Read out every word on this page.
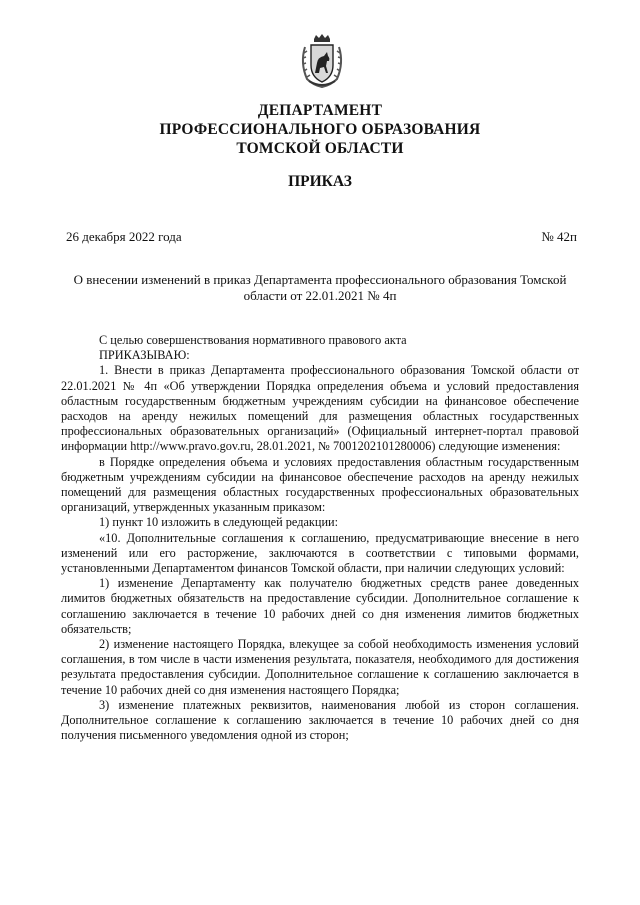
ДЕПАРТАМЕНТ
ПРОФЕССИОНАЛЬНОГО ОБРАЗОВАНИЯ
ТОМСКОЙ ОБЛАСТИ
ПРИКАЗ
26 декабря 2022 года	№ 42п
О внесении изменений в приказ Департамента профессионального образования Томской области от 22.01.2021 № 4п

С целью совершенствования нормативного правового акта

ПРИКАЗЫВАЮ:

1. Внести в приказ Департамента профессионального образования Томской области от 22.01.2021 № 4п «Об утверждении Порядка определения объема и условий предоставления областным государственным бюджетным учреждениям субсидии на финансовое обеспечение расходов на аренду нежилых помещений для размещения областных государственных профессиональных образовательных организаций» (Официальный интернет-портал правовой информации http://www.pravo.gov.ru, 28.01.2021, № 7001202101280006) следующие изменения:

в Порядке определения объема и условиях предоставления областным государственным бюджетным учреждениям субсидии на финансовое обеспечение расходов на аренду нежилых помещений для размещения областных государственных профессиональных образовательных организаций, утвержденных указанным приказом:

1) пункт 10 изложить в следующей редакции:

«10. Дополнительные соглашения к соглашению, предусматривающие внесение в него изменений или его расторжение, заключаются в соответствии с типовыми формами, установленными Департаментом финансов Томской области, при наличии следующих условий:

1) изменение Департаменту как получателю бюджетных средств ранее доведенных лимитов бюджетных обязательств на предоставление субсидии. Дополнительное соглашение к соглашению заключается в течение 10 рабочих дней со дня изменения лимитов бюджетных обязательств;

2) изменение настоящего Порядка, влекущее за собой необходимость изменения условий соглашения, в том числе в части изменения результата, показателя, необходимого для достижения результата предоставления субсидии. Дополнительное соглашение к соглашению заключается в течение 10 рабочих дней со дня изменения настоящего Порядка;

3) изменение платежных реквизитов, наименования любой из сторон соглашения. Дополнительное соглашение к соглашению заключается в течение 10 рабочих дней со дня получения письменного уведомления одной из сторон;
